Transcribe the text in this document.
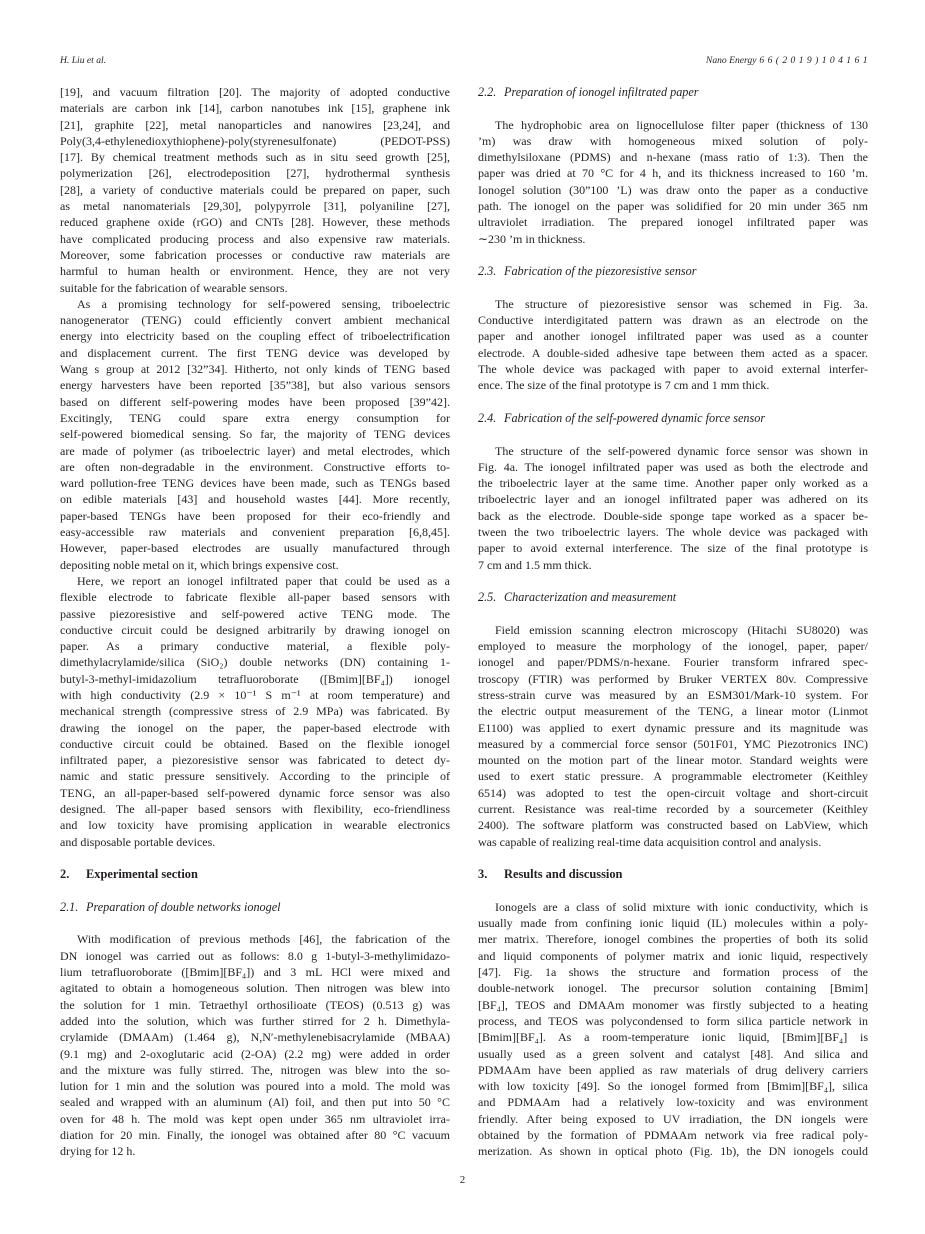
H. Liu et al.	Nano Energy 6 6 ( 2 0 1 9 ) 1 0 4 1 6 1
[19], and vacuum filtration [20]. The majority of adopted conductive
materials are carbon ink [14], carbon nanotubes ink [15], graphene ink
[21], graphite [22], metal nanoparticles and nanowires [23,24], and
Poly(3,4-ethylenedioxythiophene)-poly(styrenesulfonate) (PEDOT-PSS)
[17]. By chemical treatment methods such as in situ seed growth [25],
polymerization [26], electrodeposition [27], hydrothermal synthesis
[28], a variety of conductive materials could be prepared on paper, such
as metal nanomaterials [29,30], polypyrrole [31], polyaniline [27],
reduced graphene oxide (rGO) and CNTs [28]. However, these methods
have complicated producing process and also expensive raw materials.
Moreover, some fabrication processes or conductive raw materials are
harmful to human health or environment. Hence, they are not very
suitable for the fabrication of wearable sensors.
As a promising technology for self-powered sensing, triboelectric
nanogenerator (TENG) could efficiently convert ambient mechanical
energy into electricity based on the coupling effect of triboelectrification
and displacement current. The first TENG device was developed by
Wang s group at 2012 [32”34]. Hitherto, not only kinds of TENG based
energy harvesters have been reported [35”38], but also various sensors
based on different self-powering modes have been proposed [39”42].
Excitingly, TENG could spare extra energy consumption for
self-powered biomedical sensing. So far, the majority of TENG devices
are made of polymer (as triboelectric layer) and metal electrodes, which
are often non-degradable in the environment. Constructive efforts to-
ward pollution-free TENG devices have been made, such as TENGs based
on edible materials [43] and household wastes [44]. More recently,
paper-based TENGs have been proposed for their eco-friendly and
easy-accessible raw materials and convenient preparation [6,8,45].
However, paper-based electrodes are usually manufactured through
depositing noble metal on it, which brings expensive cost.
Here, we report an ionogel infiltrated paper that could be used as a
flexible electrode to fabricate flexible all-paper based sensors with
passive piezoresistive and self-powered active TENG mode. The
conductive circuit could be designed arbitrarily by drawing ionogel on
paper. As a primary conductive material, a flexible poly-
dimethylacrylamide/silica (SiO₂) double networks (DN) containing 1-
butyl-3-methyl-imidazolium tetrafluoroborate ([Bmim][BF₄]) ionogel
with high conductivity (2.9 × 10⁻¹ S m⁻¹ at room temperature) and
mechanical strength (compressive stress of 2.9 MPa) was fabricated. By
drawing the ionogel on the paper, the paper-based electrode with
conductive circuit could be obtained. Based on the flexible ionogel
infiltrated paper, a piezoresistive sensor was fabricated to detect dy-
namic and static pressure sensitively. According to the principle of
TENG, an all-paper-based self-powered dynamic force sensor was also
designed. The all-paper based sensors with flexibility, eco-friendliness
and low toxicity have promising application in wearable electronics
and disposable portable devices.
2. Experimental section
2.1. Preparation of double networks ionogel
With modification of previous methods [46], the fabrication of the
DN ionogel was carried out as follows: 8.0 g 1-butyl-3-methylimidazo-
lium tetrafluoroborate ([Bmim][BF₄]) and 3 mL HCl were mixed and
agitated to obtain a homogeneous solution. Then nitrogen was blew into
the solution for 1 min. Tetraethyl orthosilioate (TEOS) (0.513 g) was
added into the solution, which was further stirred for 2 h. Dimethyla-
crylamide (DMAAm) (1.464 g), N,N′-methylenebisacrylamide (MBAA)
(9.1 mg) and 2-oxoglutaric acid (2-OA) (2.2 mg) were added in order
and the mixture was fully stirred. The, nitrogen was blew into the so-
lution for 1 min and the solution was poured into a mold. The mold was
sealed and wrapped with an aluminum (Al) foil, and then put into 50 °C
oven for 48 h. The mold was kept open under 365 nm ultraviolet irra-
diation for 20 min. Finally, the ionogel was obtained after 80 °C vacuum
drying for 12 h.
2.2. Preparation of ionogel infiltrated paper
The hydrophobic area on lignocellulose filter paper (thickness of 130
’m) was draw with homogeneous mixed solution of poly-
dimethylsiloxane (PDMS) and n-hexane (mass ratio of 1:3). Then the
paper was dried at 70 °C for 4 h, and its thickness increased to 160 ’m.
Ionogel solution (30”100 ’L) was draw onto the paper as a conductive
path. The ionogel on the paper was solidified for 20 min under 365 nm
ultraviolet irradiation. The prepared ionogel infiltrated paper was
∼230 ’m in thickness.
2.3. Fabrication of the piezoresistive sensor
The structure of piezoresistive sensor was schemed in Fig. 3a.
Conductive interdigitated pattern was drawn as an electrode on the
paper and another ionogel infiltrated paper was used as a counter
electrode. A double-sided adhesive tape between them acted as a spacer.
The whole device was packaged with paper to avoid external interfer-
ence. The size of the final prototype is 7 cm and 1 mm thick.
2.4. Fabrication of the self-powered dynamic force sensor
The structure of the self-powered dynamic force sensor was shown in
Fig. 4a. The ionogel infiltrated paper was used as both the electrode and
the triboelectric layer at the same time. Another paper only worked as a
triboelectric layer and an ionogel infiltrated paper was adhered on its
back as the electrode. Double-side sponge tape worked as a spacer be-
tween the two triboelectric layers. The whole device was packaged with
paper to avoid external interference. The size of the final prototype is
7 cm and 1.5 mm thick.
2.5. Characterization and measurement
Field emission scanning electron microscopy (Hitachi SU8020) was
employed to measure the morphology of the ionogel, paper, paper/
ionogel and paper/PDMS/n-hexane. Fourier transform infrared spec-
troscopy (FTIR) was performed by Bruker VERTEX 80v. Compressive
stress-strain curve was measured by an ESM301/Mark-10 system. For
the electric output measurement of the TENG, a linear motor (Linmot
E1100) was applied to exert dynamic pressure and its magnitude was
measured by a commercial force sensor (501F01, YMC Piezotronics INC)
mounted on the motion part of the linear motor. Standard weights were
used to exert static pressure. A programmable electrometer (Keithley
6514) was adopted to test the open-circuit voltage and short-circuit
current. Resistance was real-time recorded by a sourcemeter (Keithley
2400). The software platform was constructed based on LabView, which
was capable of realizing real-time data acquisition control and analysis.
3. Results and discussion
Ionogels are a class of solid mixture with ionic conductivity, which is
usually made from confining ionic liquid (IL) molecules within a poly-
mer matrix. Therefore, ionogel combines the properties of both its solid
and liquid components of polymer matrix and ionic liquid, respectively
[47]. Fig. 1a shows the structure and formation process of the
double-network ionogel. The precursor solution containing [Bmim]
[BF₄], TEOS and DMAAm monomer was firstly subjected to a heating
process, and TEOS was polycondensed to form silica particle network in
[Bmim][BF₄]. As a room-temperature ionic liquid, [Bmim][BF₄] is
usually used as a green solvent and catalyst [48]. And silica and
PDMAAm have been applied as raw materials of drug delivery carriers
with low toxicity [49]. So the ionogel formed from [Bmim][BF₄], silica
and PDMAAm had a relatively low-toxicity and was environment
friendly. After being exposed to UV irradiation, the DN iongels were
obtained by the formation of PDMAAm network via free radical poly-
merization. As shown in optical photo (Fig. 1b), the DN ionogels could
2
